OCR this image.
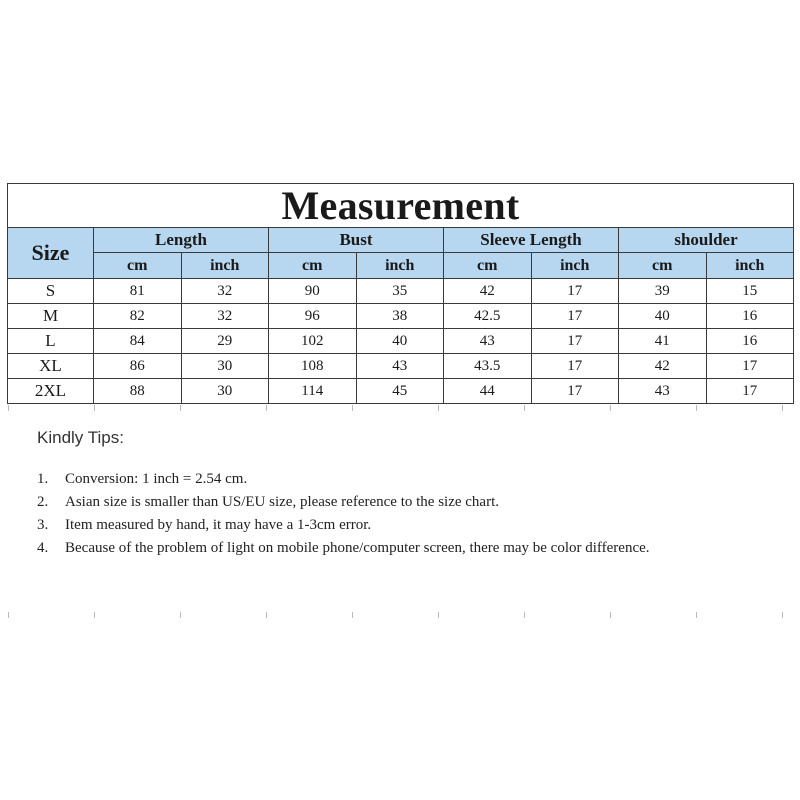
Measurement								
Size	Length		Bust		Sleeve Length		shoulder	
	cm	inch	cm	inch	cm	inch	cm	inch
S	81	32	90	35	42	17	39	15
M	82	32	96	38	42.5	17	40	16
L	84	29	102	40	43	17	41	16
XL	86	30	108	43	43.5	17	42	17
2XL	88	30	114	45	44	17	43	17

Kindly Tips:

1. Conversion: 1 inch = 2.54 cm.
2. Asian size is smaller than US/EU size, please reference to the size chart.
3. Item measured by hand, it may have a 1-3cm error.
4. Because of the problem of light on mobile phone/computer screen, there may be color difference.
